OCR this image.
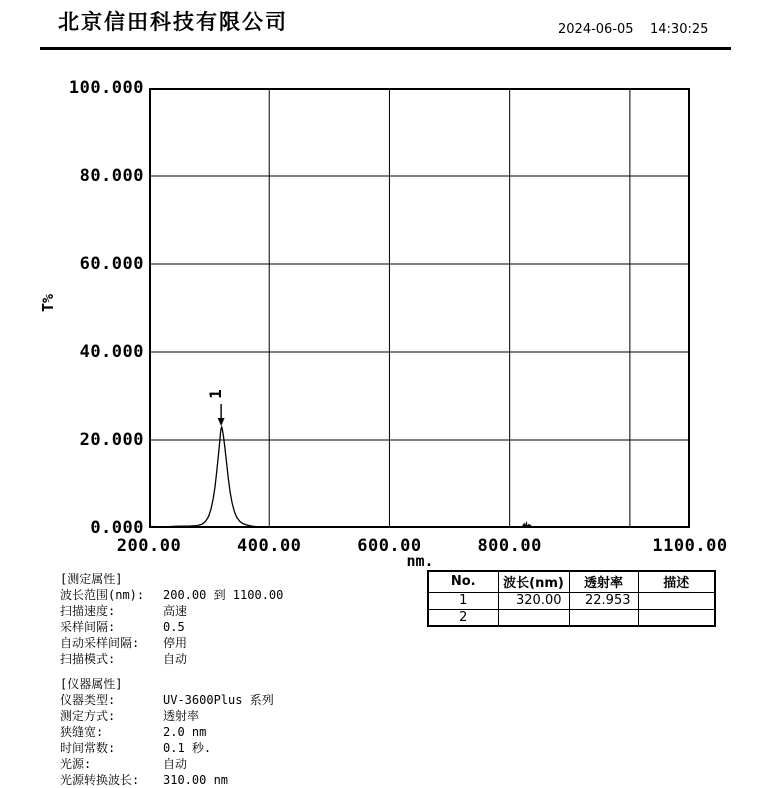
北京信田科技有限公司	2024-06-05 14:30:25
T%
100.000
80.000
60.000
40.000
20.000
0.000
1
200.00	400.00	600.00	800.00	1100.00
nm.
No.	波长(nm)	透射率	描述
1	320.00	22.953	
2			
[测定属性]
波长范围(nm): 200.00 到 1100.00
扫描速度:	高速
采样间隔:	0.5
自动采样间隔: 停用
扫描模式:	自动
[仪器属性]
仪器类型:	UV-3600Plus 系列
测定方式:	透射率
狭缝宽:	2.0 nm
时间常数:	0.1 秒.
光源:	自动
光源转换波长: 310.00 nm
